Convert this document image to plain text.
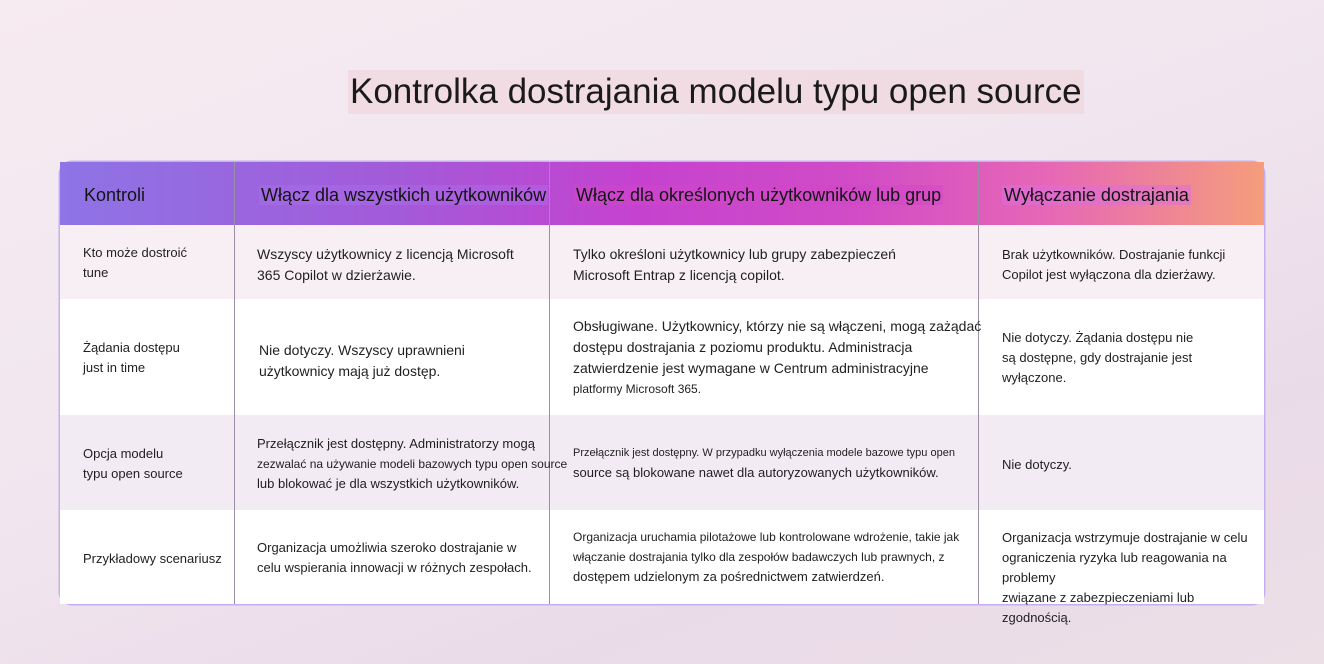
Kontrolka dostrajania modelu typu open source
Kontroli	Włącz dla wszystkich użytkowników Włącz dla określonych użytkowników lub grup	Wyłączanie dostrajania
Kto może dostroić
tune
Wszyscy użytkownicy z licencją Microsoft
365 Copilot w dzierżawie.
Tylko określoni użytkownicy lub grupy zabezpieczeń
Microsoft Entrap z licencją copilot.
Brak użytkowników. Dostrajanie funkcji
Copilot jest wyłączona dla dzierżawy.
Żądania dostępu
just in time
Nie dotyczy. Wszyscy uprawnieni
użytkownicy mają już dostęp.
Obsługiwane. Użytkownicy, którzy nie są włączeni, mogą zażądać
dostępu dostrajania z poziomu produktu. Administracja
zatwierdzenie jest wymagane w Centrum administracyjne
platformy Microsoft 365.
Nie dotyczy. Żądania dostępu nie
są dostępne, gdy dostrajanie jest
wyłączone.
Opcja modelu
typu open source
Przełącznik jest dostępny. Administratorzy mogą
zezwalać na używanie modeli bazowych typu open source
lub blokować je dla wszystkich użytkowników.
Przełącznik jest dostępny. W przypadku wyłączenia modele bazowe typu open
source są blokowane nawet dla autoryzowanych użytkowników.
Nie dotyczy.
Przykładowy scenariusz
Organizacja umożliwia szeroko dostrajanie w
celu wspierania innowacji w różnych zespołach.
Organizacja uruchamia pilotażowe lub kontrolowane wdrożenie, takie jak
włączanie dostrajania tylko dla zespołów badawczych lub prawnych, z
dostępem udzielonym za pośrednictwem zatwierdzeń.
Organizacja wstrzymuje dostrajanie w celu
ograniczenia ryzyka lub reagowania na problemy
związane z zabezpieczeniami lub zgodnością.
